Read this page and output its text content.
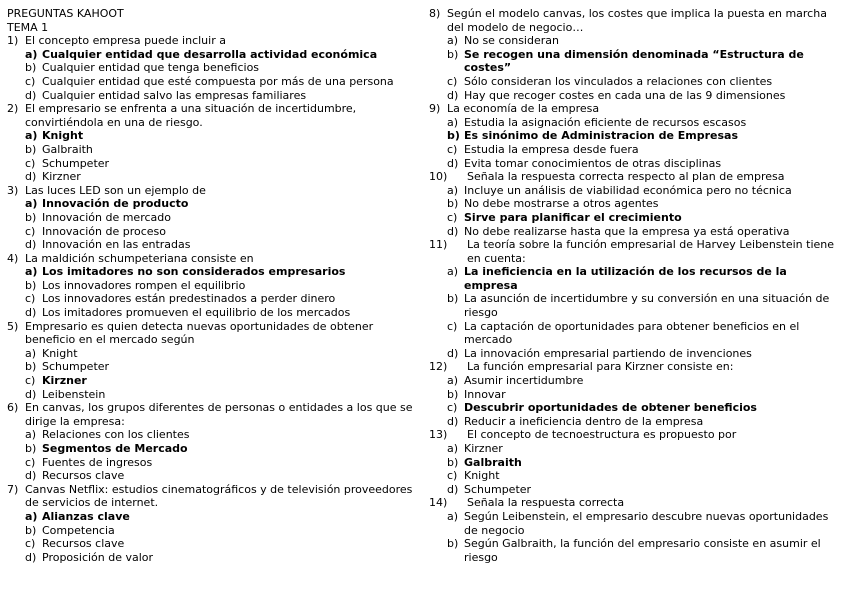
PREGUNTAS KAHOOT
TEMA 1
1) El concepto empresa puede incluir a
a) Cualquier entidad que desarrolla actividad económica
b) Cualquier entidad que tenga beneficios
c) Cualquier entidad que esté compuesta por más de una persona
d) Cualquier entidad salvo las empresas familiares
2) El empresario se enfrenta a una situación de incertidumbre, convirtiéndola en una de riesgo.
a) Knight
b) Galbraith
c) Schumpeter
d) Kirzner
3) Las luces LED son un ejemplo de
a) Innovación de producto
b) Innovación de mercado
c) Innovación de proceso
d) Innovación en las entradas
4) La maldición schumpeteriana consiste en
a) Los imitadores no son considerados empresarios
b) Los innovadores rompen el equilibrio
c) Los innovadores están predestinados a perder dinero
d) Los imitadores promueven el equilibrio de los mercados
5) Empresario es quien detecta nuevas oportunidades de obtener beneficio en el mercado según
a) Knight
b) Schumpeter
c) Kirzner
d) Leibenstein
6) En canvas, los grupos diferentes de personas o entidades a los que se dirige la empresa:
a) Relaciones con los clientes
b) Segmentos de Mercado
c) Fuentes de ingresos
d) Recursos clave
7) Canvas Netflix: estudios cinematográficos y de televisión proveedores de servicios de internet.
a) Alianzas clave
b) Competencia
c) Recursos clave
d) Proposición de valor
8) Según el modelo canvas, los costes que implica la puesta en marcha del modelo de negocio…
a) No se consideran
b) Se recogen una dimensión denominada “Estructura de costes”
c) Sólo consideran los vinculados a relaciones con clientes
d) Hay que recoger costes en cada una de las 9 dimensiones
9) La economía de la empresa
a) Estudia la asignación eficiente de recursos escasos
b) Es sinónimo de Administracion de Empresas
c) Estudia la empresa desde fuera
d) Evita tomar conocimientos de otras disciplinas
10)	Señala la respuesta correcta respecto al plan de empresa
a) Incluye un análisis de viabilidad económica pero no técnica
b) No debe mostrarse a otros agentes
c) Sirve para planificar el crecimiento
d) No debe realizarse hasta que la empresa ya está operativa
11)	La teoría sobre la función empresarial de Harvey Leibenstein tiene en cuenta:
a) La ineficiencia en la utilización de los recursos de la empresa
b) La asunción de incertidumbre y su conversión en una situación de riesgo
c) La captación de oportunidades para obtener beneficios en el mercado
d) La innovación empresarial partiendo de invenciones
12)	La función empresarial para Kirzner consiste en:
a) Asumir incertidumbre
b) Innovar
c) Descubrir oportunidades de obtener beneficios
d) Reducir a ineficiencia dentro de la empresa
13)	El concepto de tecnoestructura es propuesto por
a) Kirzner
b) Galbraith
c) Knight
d) Schumpeter
14)	Señala la respuesta correcta
a) Según Leibenstein, el empresario descubre nuevas oportunidades de negocio
b) Según Galbraith, la función del empresario consiste en asumir el riesgo
